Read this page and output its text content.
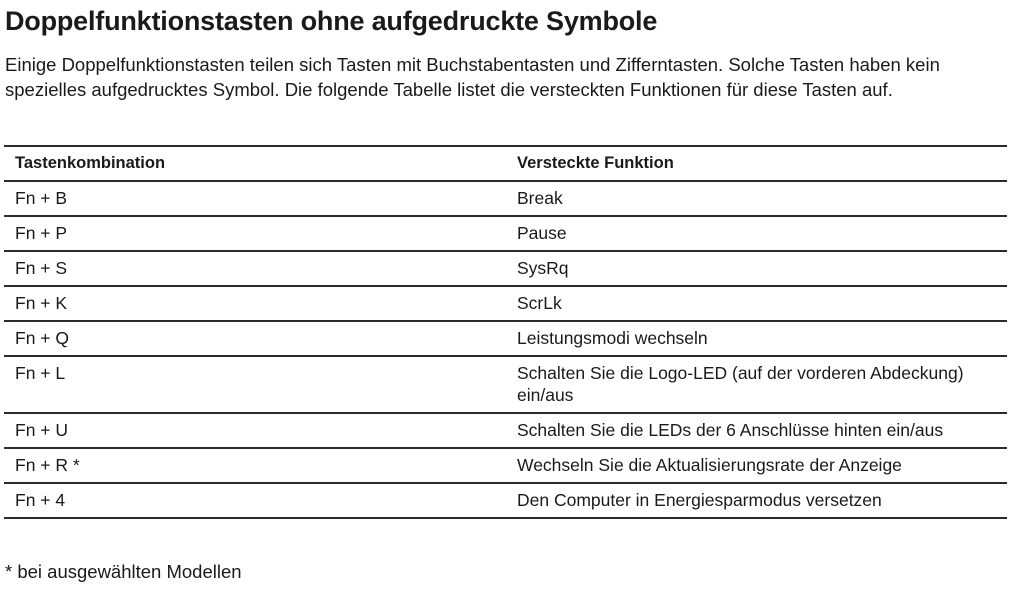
Doppelfunktionstasten ohne aufgedruckte Symbole

Einige Doppelfunktionstasten teilen sich Tasten mit Buchstabentasten und Zifferntasten. Solche Tasten haben kein spezielles aufgedrucktes Symbol. Die folgende Tabelle listet die versteckten Funktionen für diese Tasten auf.

Tastenkombination	Versteckte Funktion
Fn + B	Break
Fn + P	Pause
Fn + S	SysRq
Fn + K	ScrLk
Fn + Q	Leistungsmodi wechseln
Fn + L	Schalten Sie die Logo-LED (auf der vorderen Abdeckung) ein/aus
Fn + U	Schalten Sie die LEDs der 6 Anschlüsse hinten ein/aus
Fn + R *	Wechseln Sie die Aktualisierungsrate der Anzeige
Fn + 4	Den Computer in Energiesparmodus versetzen

* bei ausgewählten Modellen
